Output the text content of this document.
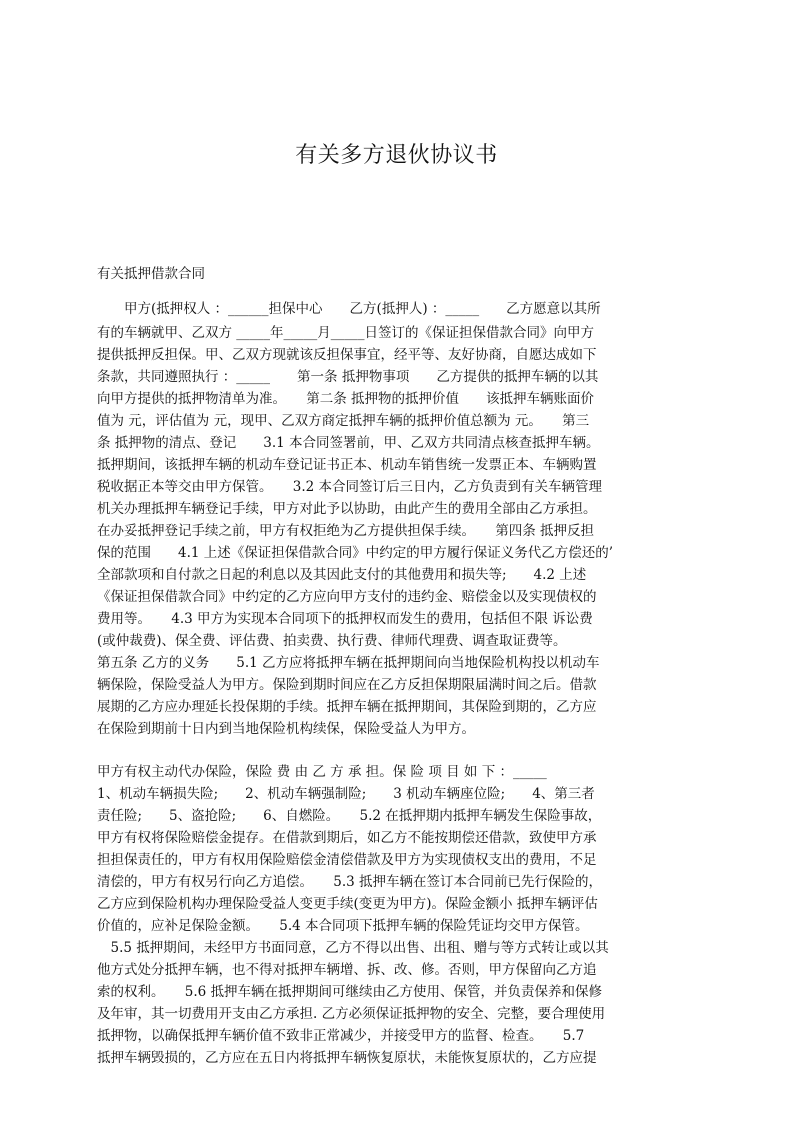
有关多方退伙协议书
有关抵押借款合同
　　甲方(抵押权人 ：______担保中心　　乙方(抵押人) ：_____　　乙方愿意以其所
有的车辆就甲、乙双方 _____年_____月_____日签订的《保证担保借款合同》向甲方
提供抵押反担保。甲、乙双方现就该反担保事宜，经平等、友好协商，自愿达成如下
条款，共同遵照执行 ：_____　　第一条 抵押物事项　　乙方提供的抵押车辆的以其
向甲方提供的抵押物清单为准。　　第二条 抵押物的抵押价值　　该抵押车辆账面价
值为 元，评估值为 元，现甲、乙双方商定抵押车辆的抵押价值总额为 元。　　第三
条 抵押物的清点、登记　　3.1 本合同签署前，甲、乙双方共同清点核查抵押车辆。
抵押期间，该抵押车辆的机动车登记证书正本、机动车销售统一发票正本、车辆购置
税收据正本等交由甲方保管。　　3.2 本合同签订后三日内，乙方负责到有关车辆管理
机关办理抵押车辆登记手续，甲方对此予以协助，由此产生的费用全部由乙方承担。
在办妥抵押登记手续之前，甲方有权拒绝为乙方提供担保手续。　　第四条 抵押反担
保的范围　　4.1 上述《保证担保借款合同》中约定的甲方履行保证义务代乙方偿还的’
全部款项和自付款之日起的利息以及其因此支付的其他费用和损失等;　　4.2 上述
《保证担保借款合同》中约定的乙方应向甲方支付的违约金、赔偿金以及实现债权的
费用等。　　4.3 甲方为实现本合同项下的抵押权而发生的费用，包括但不限 诉讼费
(或仲裁费)、保全费、评估费、拍卖费、执行费、律师代理费、调查取证费等。
第五条 乙方的义务　　5.1 乙方应将抵押车辆在抵押期间向当地保险机构投以机动车
辆保险，保险受益人为甲方。保险到期时间应在乙方反担保期限届满时间之后。借款
展期的乙方应办理延长投保期的手续。抵押车辆在抵押期间，其保险到期的，乙方应
在保险到期前十日内到当地保险机构续保，保险受益人为甲方。
甲方有权主动代办保险，保险 费 由 乙 方 承 担。保 险 项 目 如 下 ：_____
1、机动车辆损失险;　　2、机动车辆强制险;　　3 机动车辆座位险;　　4、第三者
责任险;　　5、盗抢险;　　6、自燃险。　　5.2 在抵押期内抵押车辆发生保险事故，
甲方有权将保险赔偿金提存。在借款到期后，如乙方不能按期偿还借款，致使甲方承
担担保责任的，甲方有权用保险赔偿金清偿借款及甲方为实现债权支出的费用，不足
清偿的，甲方有权另行向乙方追偿。　　5.3 抵押车辆在签订本合同前已先行保险的，
乙方应到保险机构办理保险受益人变更手续(变更为甲方)。保险金额小 抵押车辆评估
价值的，应补足保险金额。　　5.4 本合同项下抵押车辆的保险凭证均交甲方保管。
　5.5 抵押期间，未经甲方书面同意，乙方不得以出售、出租、赠与等方式转让或以其
他方式处分抵押车辆，也不得对抵押车辆增、拆、改、修。否则，甲方保留向乙方追
索的权利。　　5.6 抵押车辆在抵押期间可继续由乙方使用、保管，并负责保养和保修
及年审，其一切费用开支由乙方承担. 乙方必须保证抵押物的安全、完整，要合理使用
抵押物，以确保抵押车辆价值不致非正常减少，并接受甲方的监督、检查。　　5.7
抵押车辆毁损的，乙方应在五日内将抵押车辆恢复原状，未能恢复原状的，乙方应提
